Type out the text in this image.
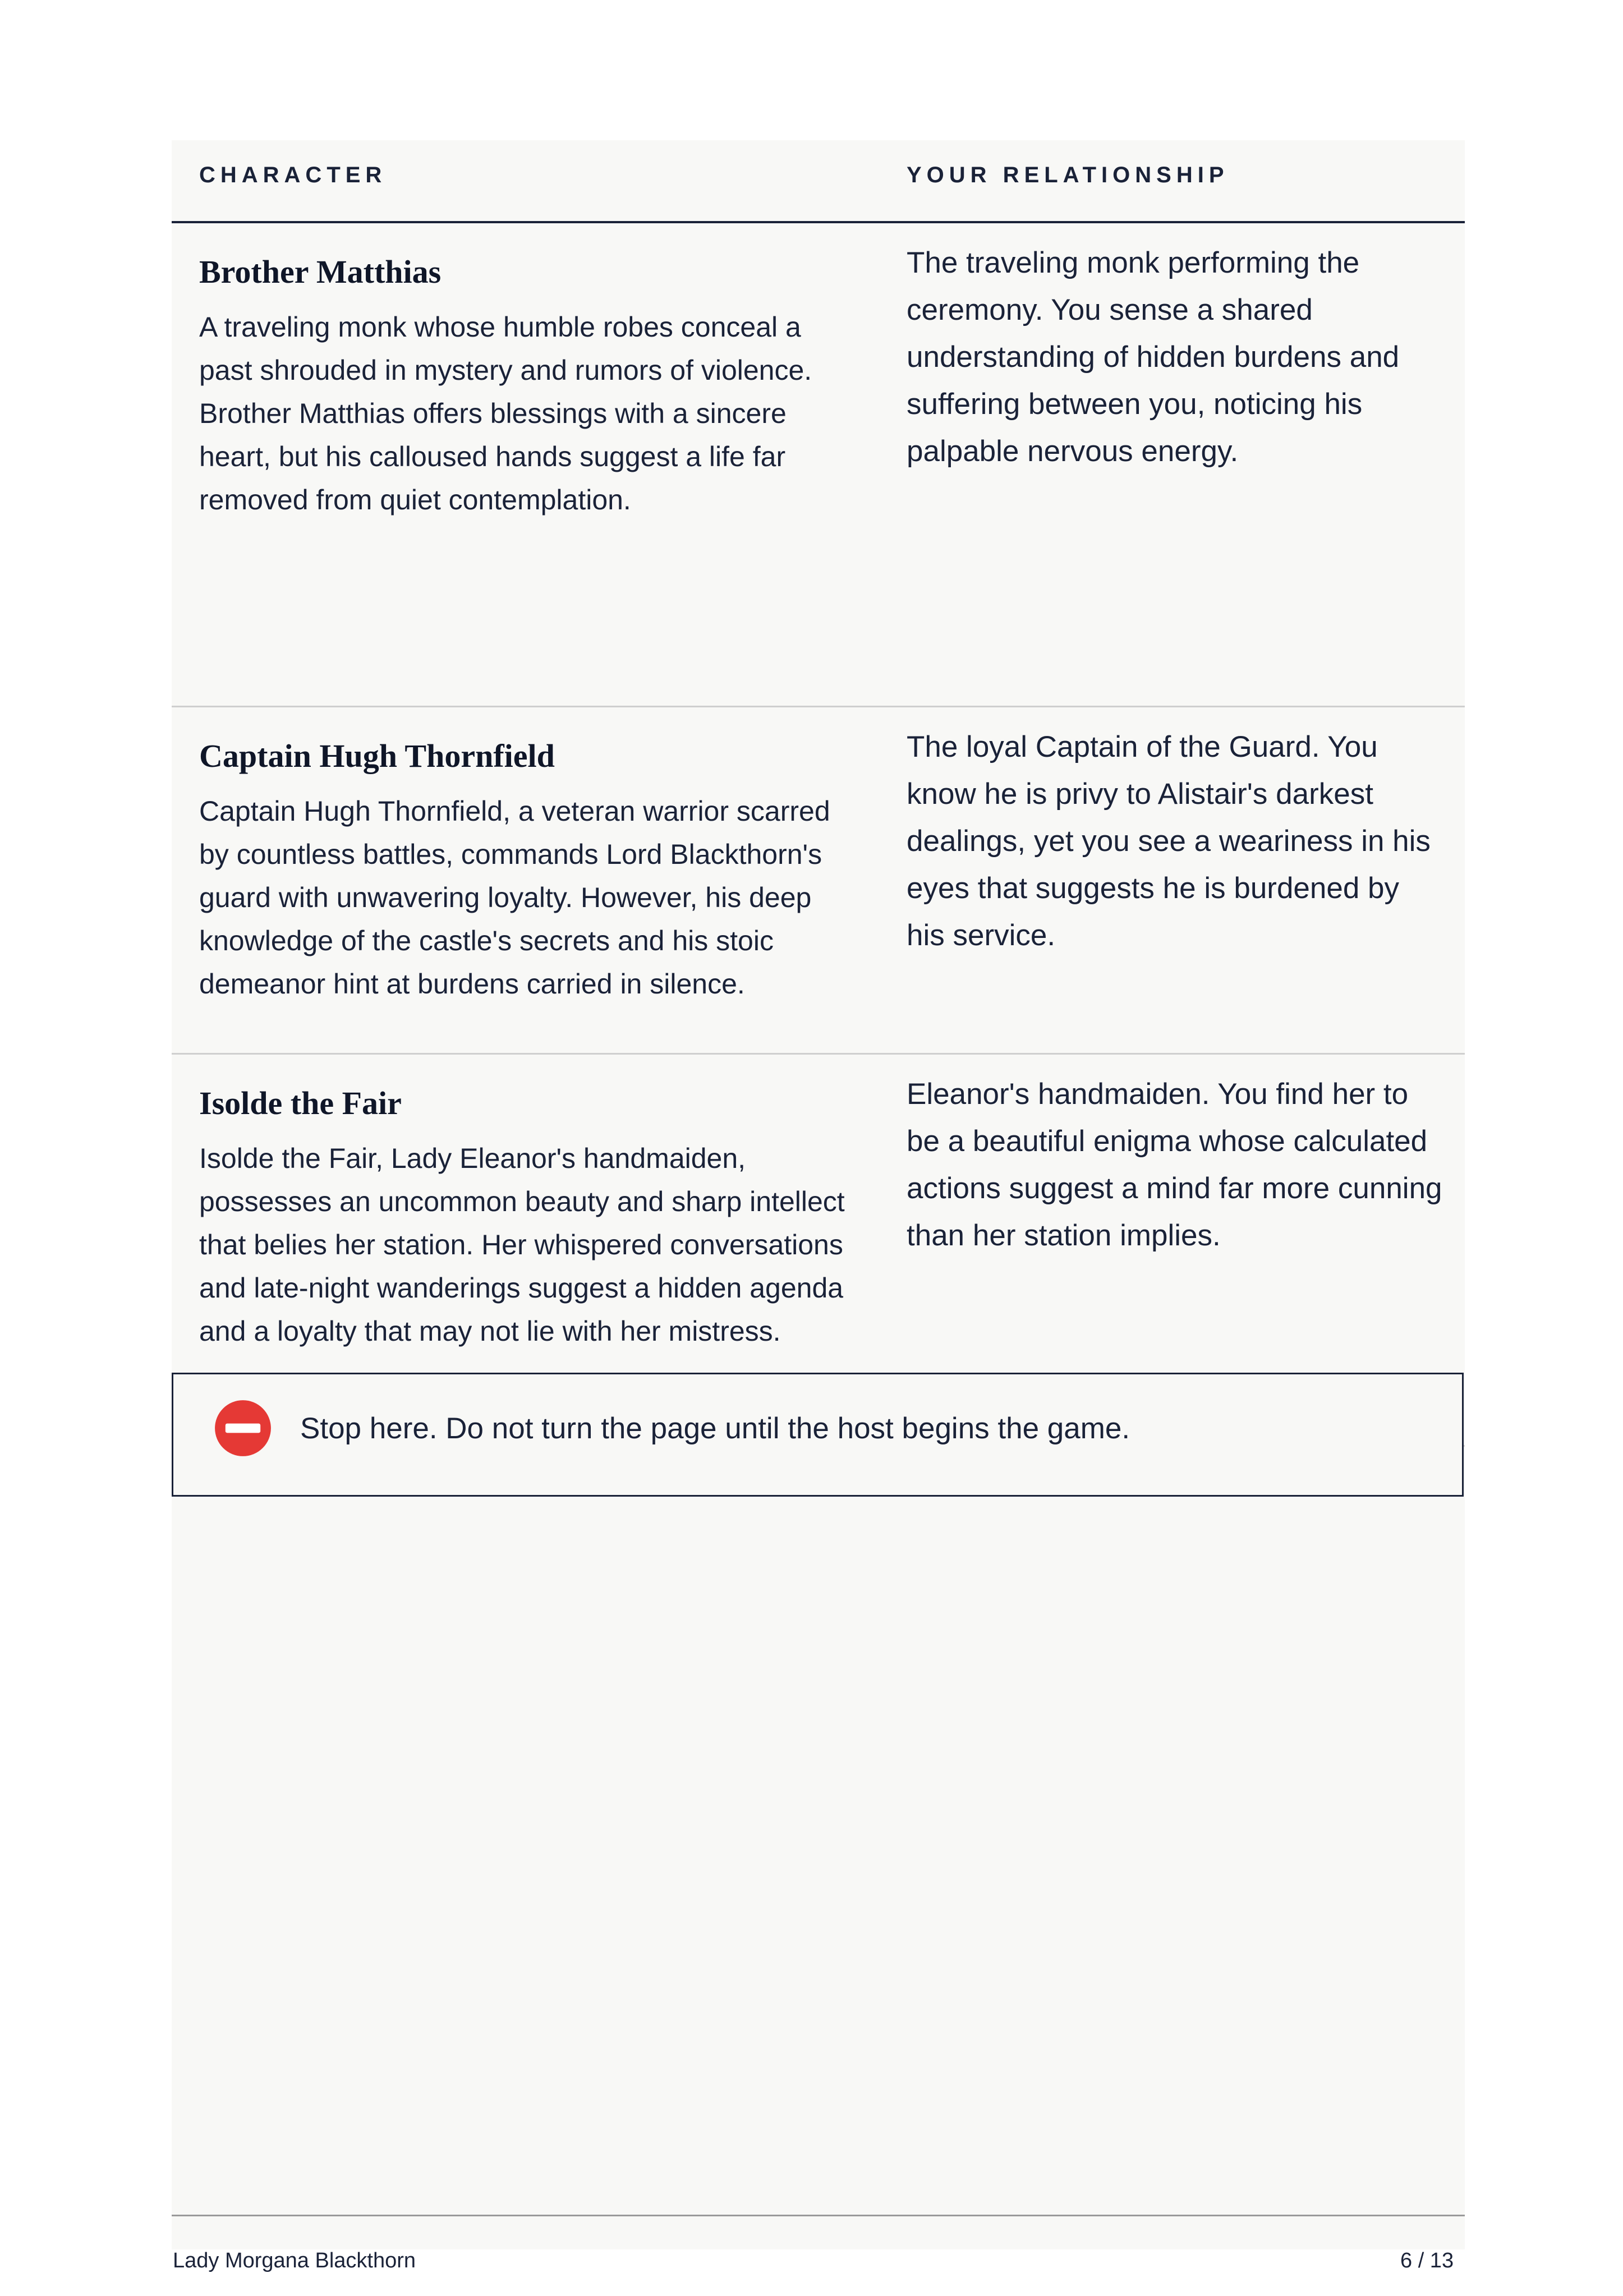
CHARACTER	YOUR RELATIONSHIP
Brother Matthias
A traveling monk whose humble robes conceal a past shrouded in mystery and rumors of violence. Brother Matthias offers blessings with a sincere heart, but his calloused hands suggest a life far removed from quiet contemplation.
The traveling monk performing the ceremony. You sense a shared understanding of hidden burdens and suffering between you, noticing his palpable nervous energy.
Captain Hugh Thornfield
Captain Hugh Thornfield, a veteran warrior scarred by countless battles, commands Lord Blackthorn's guard with unwavering loyalty. However, his deep knowledge of the castle's secrets and his stoic demeanor hint at burdens carried in silence.
The loyal Captain of the Guard. You know he is privy to Alistair's darkest dealings, yet you see a weariness in his eyes that suggests he is burdened by his service.
Isolde the Fair
Isolde the Fair, Lady Eleanor's handmaiden, possesses an uncommon beauty and sharp intellect that belies her station. Her whispered conversations and late-night wanderings suggest a hidden agenda and a loyalty that may not lie with her mistress.
Eleanor's handmaiden. You find her to be a beautiful enigma whose calculated actions suggest a mind far more cunning than her station implies.
Stop here. Do not turn the page until the host begins the game.
Lady Morgana Blackthorn	6 / 13
